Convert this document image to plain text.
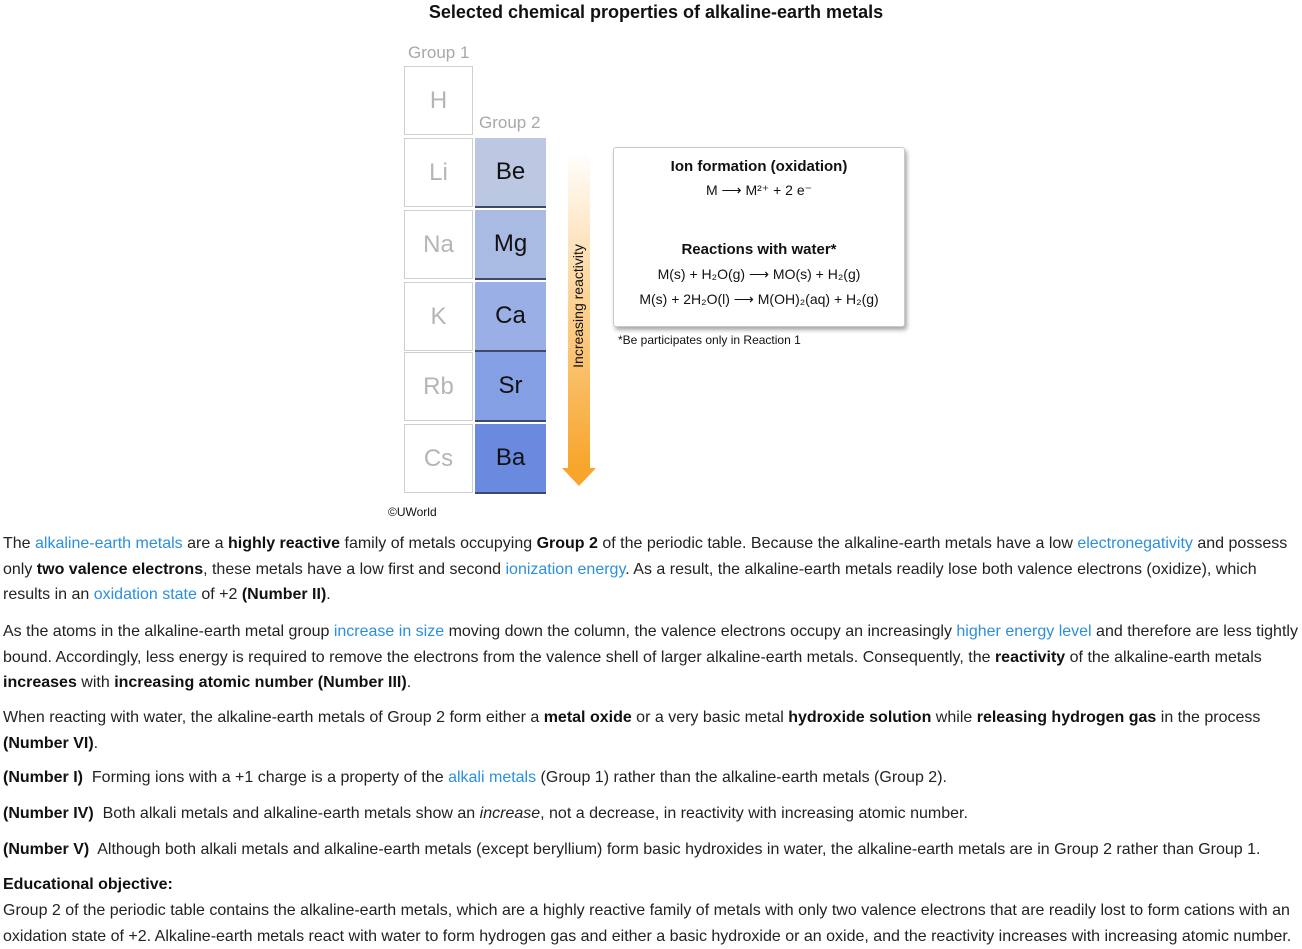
Selected chemical properties of alkaline-earth metals
Group 1
Group 2
H
Li
Na
K
Rb
Cs
Be
Mg
Ca
Sr
Ba
Increasing reactivity
Ion formation (oxidation)
M ⟶ M²⁺ + 2 e⁻
Reactions with water*
M(s) + H₂O(g) ⟶ MO(s) + H₂(g)
M(s) + 2H₂O(l) ⟶ M(OH)₂(aq) + H₂(g)
*Be participates only in Reaction 1
©UWorld
The alkaline-earth metals are a highly reactive family of metals occupying Group 2 of the periodic table. Because the alkaline-earth metals have a low electronegativity and possess only two valence electrons, these metals have a low first and second ionization energy. As a result, the alkaline-earth metals readily lose both valence electrons (oxidize), which results in an oxidation state of +2 (Number II).
As the atoms in the alkaline-earth metal group increase in size moving down the column, the valence electrons occupy an increasingly higher energy level and therefore are less tightly bound. Accordingly, less energy is required to remove the electrons from the valence shell of larger alkaline-earth metals. Consequently, the reactivity of the alkaline-earth metals increases with increasing atomic number (Number III).
When reacting with water, the alkaline-earth metals of Group 2 form either a metal oxide or a very basic metal hydroxide solution while releasing hydrogen gas in the process (Number VI).
(Number I)  Forming ions with a +1 charge is a property of the alkali metals (Group 1) rather than the alkaline-earth metals (Group 2).
(Number IV)  Both alkali metals and alkaline-earth metals show an increase, not a decrease, in reactivity with increasing atomic number.
(Number V)  Although both alkali metals and alkaline-earth metals (except beryllium) form basic hydroxides in water, the alkaline-earth metals are in Group 2 rather than Group 1.
Educational objective:
Group 2 of the periodic table contains the alkaline-earth metals, which are a highly reactive family of metals with only two valence electrons that are readily lost to form cations with an oxidation state of +2. Alkaline-earth metals react with water to form hydrogen gas and either a basic hydroxide or an oxide, and the reactivity increases with increasing atomic number.
